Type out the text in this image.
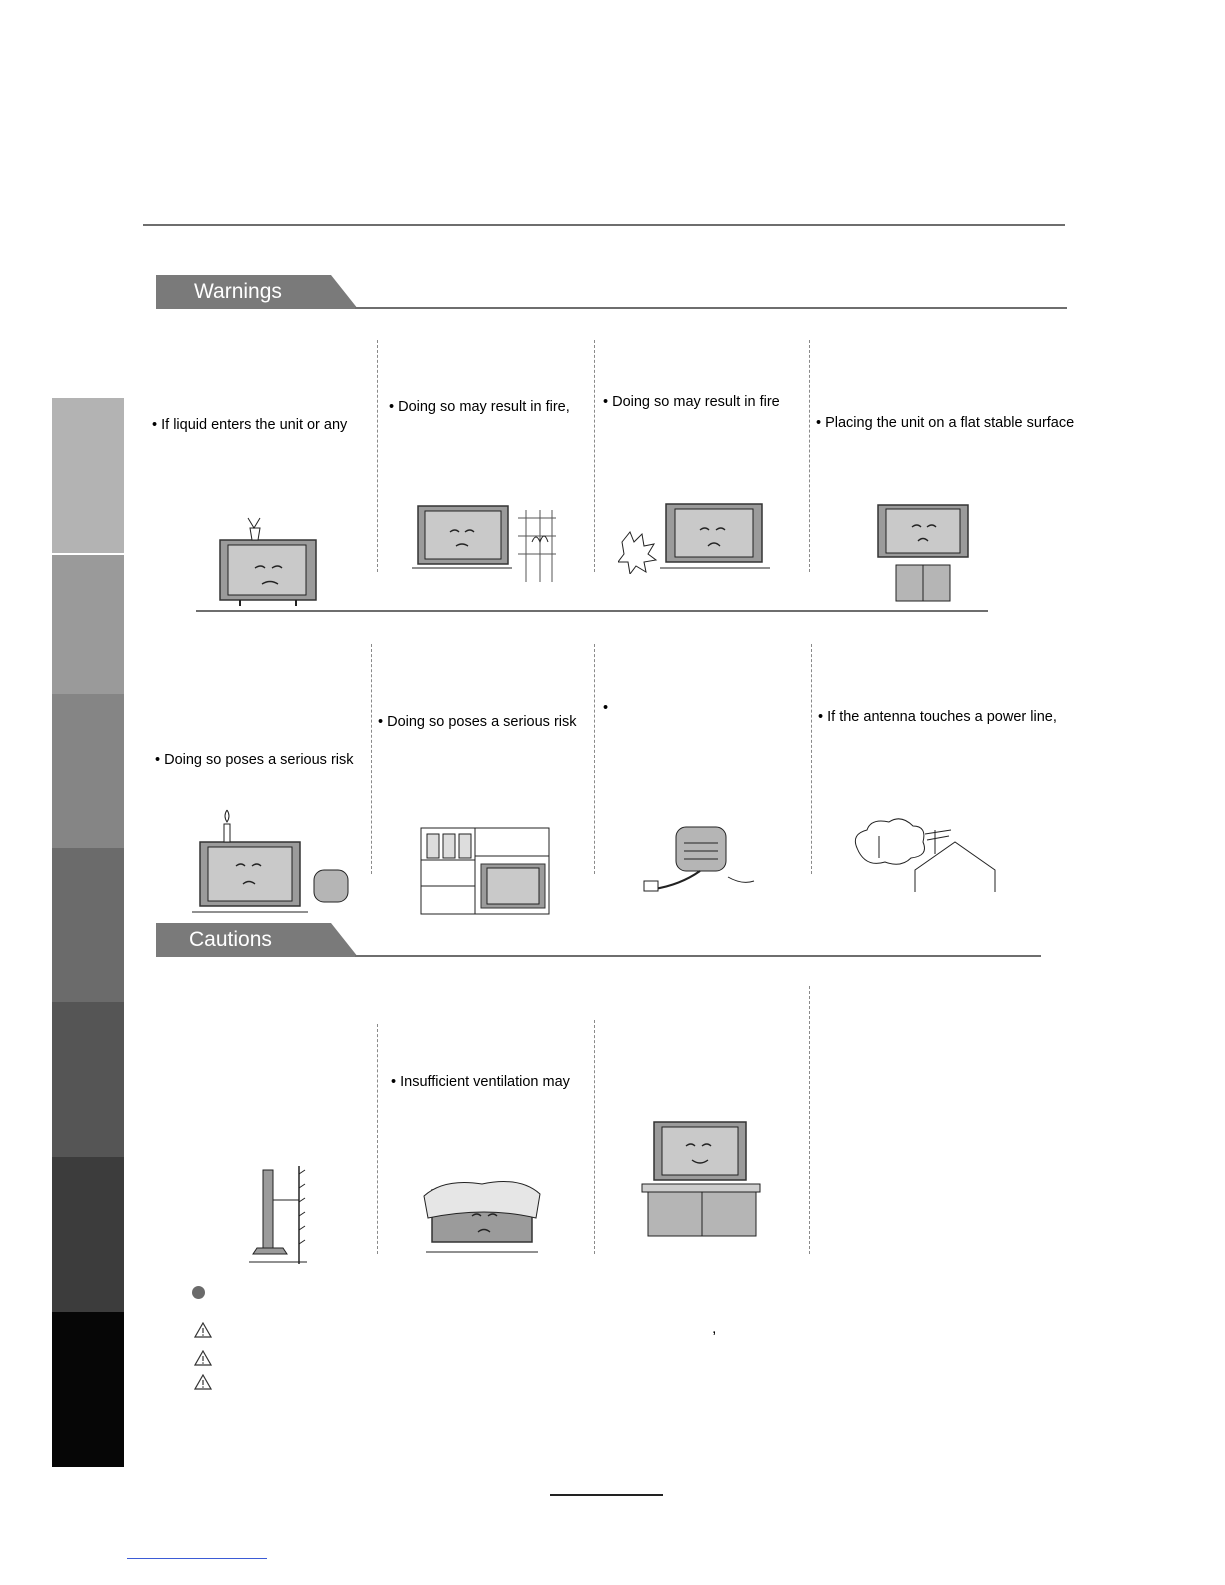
Warnings
• If liquid enters the unit or any
• Doing so may result in fire, • Doing so may result in fire
• Placing the unit on a flat stable surface
• Doing so poses a serious risk
• Doing so poses a serious risk
•
• If the antenna touches a power line,
Cautions
• Insufficient ventilation may
,
